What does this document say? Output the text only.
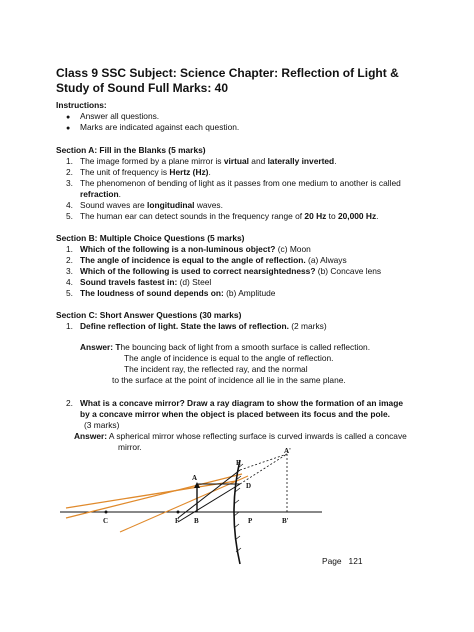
Class 9 SSC Subject: Science Chapter: Reflection of Light & Study of Sound Full Marks: 40
Instructions:
● Answer all questions.
● Marks are indicated against each question.
Section A: Fill in the Blanks (5 marks)
1. The image formed by a plane mirror is virtual and laterally inverted.
2. The unit of frequency is Hertz (Hz).
3. The phenomenon of bending of light as it passes from one medium to another is called
refraction.
4. Sound waves are longitudinal waves.
5. The human ear can detect sounds in the frequency range of 20 Hz to 20,000 Hz.
Section B: Multiple Choice Questions (5 marks)
1. Which of the following is a non-luminous object? (c) Moon
2. The angle of incidence is equal to the angle of reflection. (a) Always
3. Which of the following is used to correct nearsightedness? (b) Concave lens
4. Sound travels fastest in: (d) Steel
5. The loudness of sound depends on: (b) Amplitude
Section C: Short Answer Questions (30 marks)
1. Define reflection of light. State the laws of reflection. (2 marks)
Answer: The bouncing back of light from a smooth surface is called reflection.
The angle of incidence is equal to the angle of reflection.
The incident ray, the reflected ray, and the normal
to the surface at the point of incidence all lie in the same plane.
2. What is a concave mirror? Draw a ray diagram to show the formation of an image
by a concave mirror when the object is placed between its focus and the pole.
(3 marks)
Answer: A spherical mirror whose reflecting surface is curved inwards is called a concave
mirror.
C	F B
A
E
D
P
A'
B'
Page 121
